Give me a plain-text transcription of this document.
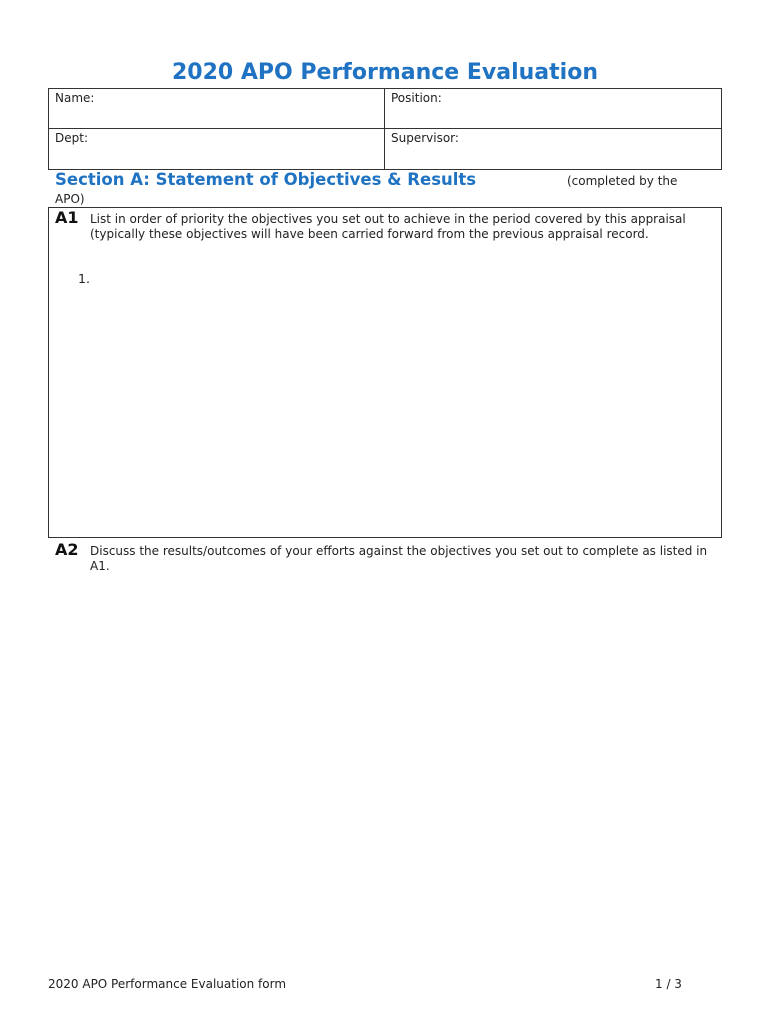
2020 APO Performance Evaluation
Name:	Position:
Dept:	Supervisor:
Section A: Statement of Objectives & Results	(completed by the
APO)
A1 List in order of priority the objectives you set out to achieve in the period covered by this appraisal (typically these objectives will have been carried forward from the previous appraisal record.
1.
A2 Discuss the results/outcomes of your efforts against the objectives you set out to complete as listed in A1.
2020 APO Performance Evaluation form	1 / 3
